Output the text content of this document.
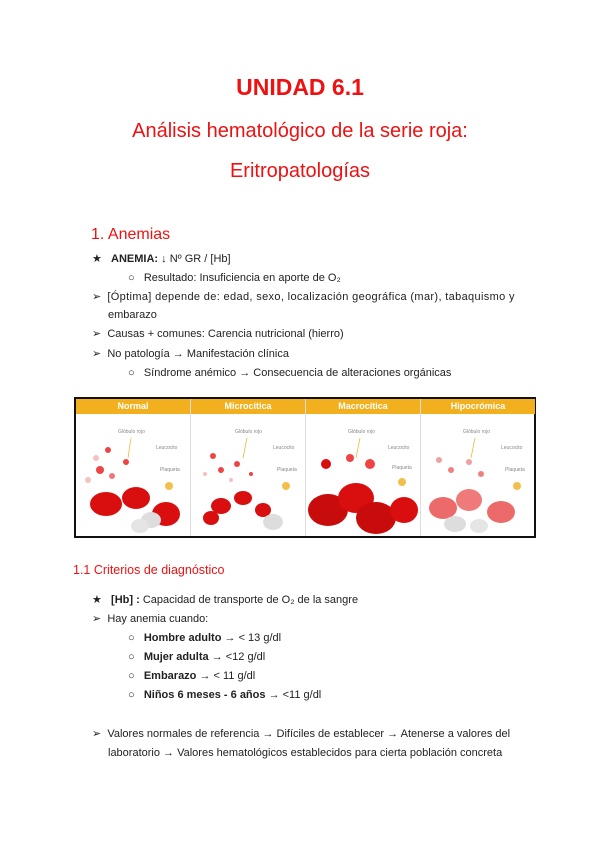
UNIDAD 6.1
Análisis hematológico de la serie roja:
Eritropatologías
1. Anemias
★ ANEMIA: ↓ Nº GR / [Hb]
○ Resultado: Insuficiencia en aporte de O₂
➢ [Óptima] depende de: edad, sexo, localización geográfica (mar), tabaquismo y
embarazo
➢ Causas + comunes: Carencia nutricional (hierro)
➢ No patología → Manifestación clínica
○ Síndrome anémico → Consecuencia de alteraciones orgánicas
Normal
Glóbulo rojo
Leucocito
Plaqueta
Microcítica
Glóbulo rojo
Leucocito
Plaqueta
Macrocítica
Glóbulo rojo
Leucocito
Plaqueta
Hipocrómica
Glóbulo rojo
Leucocito
Plaqueta
1.1 Criterios de diagnóstico
★ [Hb] : Capacidad de transporte de O₂ de la sangre
➢ Hay anemia cuando:
○ Hombre adulto → < 13 g/dl
○ Mujer adulta → <12 g/dl
○ Embarazo → < 11 g/dl
○ Niños 6 meses - 6 años → <11 g/dl
➢ Valores normales de referencia → Difíciles de establecer → Atenerse a valores del
laboratorio → Valores hematológicos establecidos para cierta población concreta
